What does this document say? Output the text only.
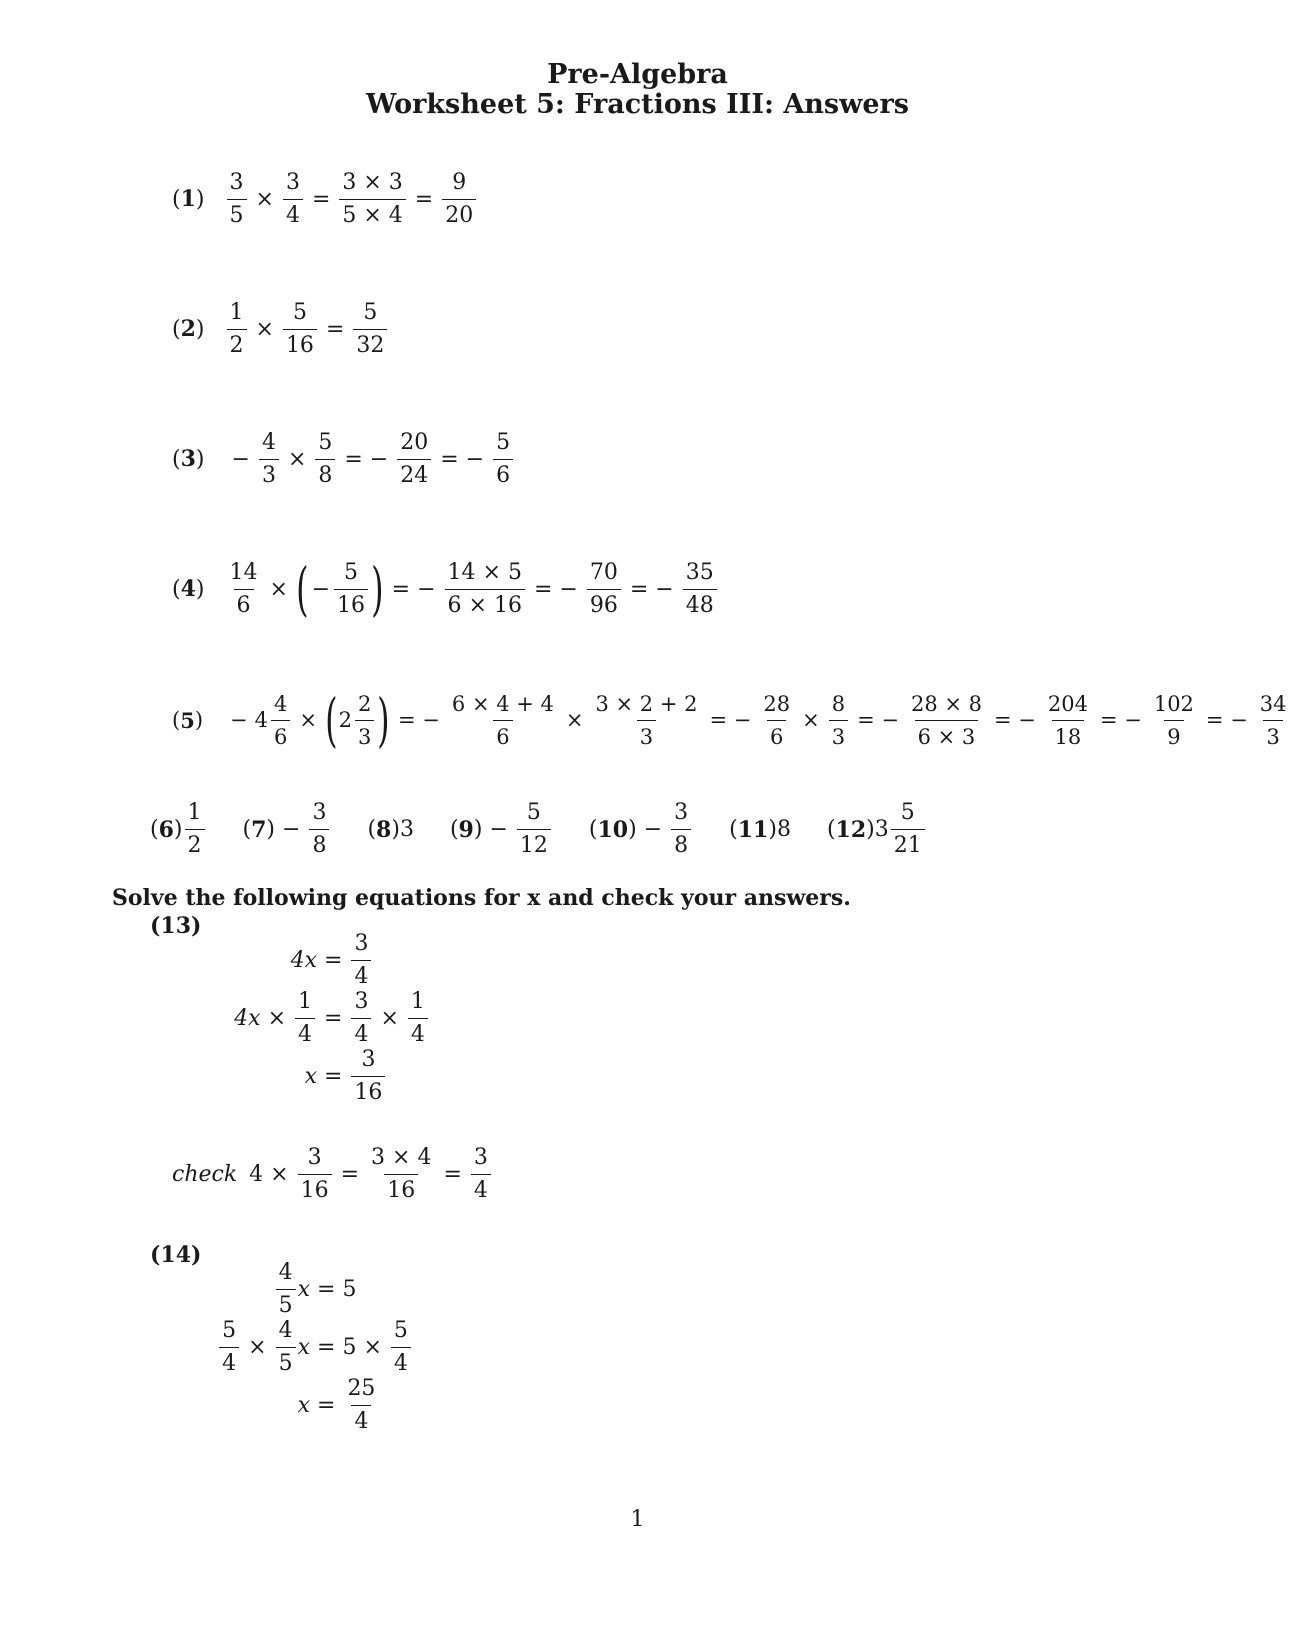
Pre-Algebra
Worksheet 5: Fractions III: Answers
( 1 ) $\frac{3}{5} \times \frac{3}{4} = \frac{3 \times 3}{5 \times 4} = \frac{9}{20}$
( 2 ) $\frac{1}{2} \times \frac{5}{16} = \frac{5}{32}$
( 3 ) − $\frac{4}{3} \times \frac{5}{8}$ = − $\frac{20}{24}$ = − $\frac{5}{6}$
( 4 ) $\frac{14}{6}$ × ( − $\frac{5}{16}$ ) = − $\frac{14 \times 5}{6 \times 16}$ = − $\frac{70}{96}$ = − $\frac{35}{48}$
( 5 ) − $4 \frac{4}{6}$ × ( $2 \frac{2}{3}$ ) = − $\frac{6 \times 4 + 4}{6} \times \frac{3 \times 2 + 2}{3}$ = − $\frac{28}{6} \times \frac{8}{3}$ = − $\frac{28 \times 8}{6 \times 3}$ = − $\frac{204}{18}$ = − $\frac{102}{9}$ = − $\frac{34}{3}$
( 6 ) $\frac{1}{2}$ ( 7 ) − $\frac{3}{8}$ ( 8 ) 3 ( 9 ) − $\frac{5}{12}$ ( 10 ) − $\frac{3}{8}$ ( 11 ) 8 ( 12 ) $3 \frac{5}{21}$
Solve the following equations for x and check your answers.
(13)
$4x = \frac{3}{4}$
$4x \times \frac{1}{4} = \frac{3}{4} \times \frac{1}{4}$
$x = \frac{3}{16}$
check $4 \times \frac{3}{16} = \frac{3 \times 4}{16} = \frac{3}{4}$
(14)
$\frac{4}{5}$ x = 5
$\frac{5}{4} \times \frac{4}{5}$ $x = 5 \times \frac{5}{4}$
$x = \frac{25}{4}$
1
